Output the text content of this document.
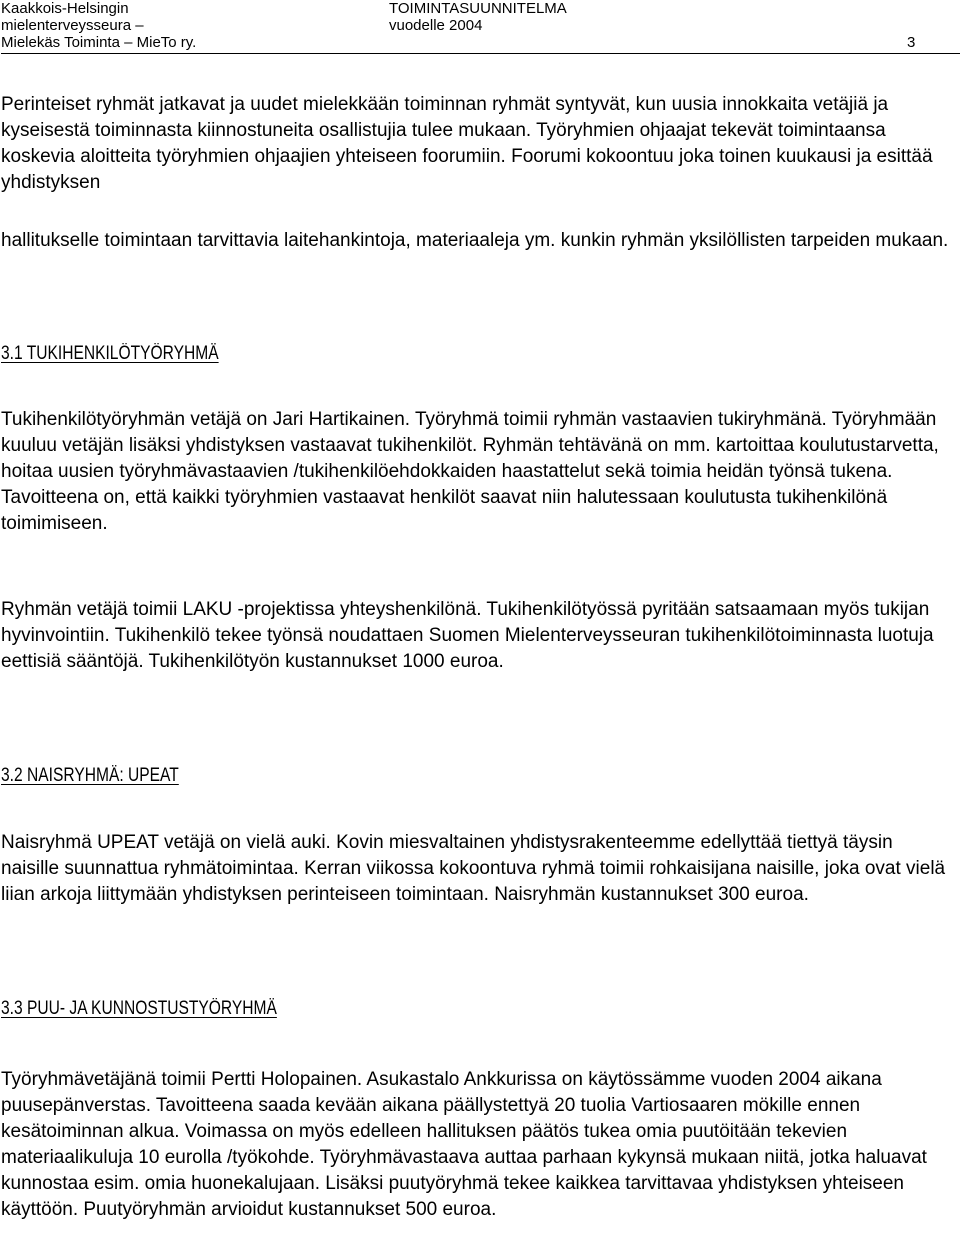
Kaakkois-Helsingin
mielenterveysseura –
Mielekäs Toiminta – MieTo ry.
TOIMINTASUUNNITELMA
vuodelle 2004
3
Perinteiset ryhmät jatkavat ja uudet mielekkään toiminnan ryhmät syntyvät, kun uusia innokkaita vetäjiä ja kyseisestä toiminnasta kiinnostuneita osallistujia tulee mukaan. Työryhmien ohjaajat tekevät toimintaansa koskevia aloitteita työryhmien ohjaajien yhteiseen foorumiin. Foorumi kokoontuu joka toinen kuukausi ja esittää yhdistyksen
hallitukselle toimintaan tarvittavia laitehankintoja, materiaaleja ym. kunkin ryhmän yksilöllisten tarpeiden mukaan.
3.1 TUKIHENKILÖTYÖRYHMÄ
Tukihenkilötyöryhmän vetäjä on Jari Hartikainen. Työryhmä toimii ryhmän vastaavien tukiryhmänä. Työryhmään kuuluu vetäjän lisäksi yhdistyksen vastaavat tukihenkilöt. Ryhmän tehtävänä on mm. kartoittaa koulutustarvetta, hoitaa uusien työryhmävastaavien /tukihenkilöehdokkaiden haastattelut sekä toimia heidän työnsä tukena. Tavoitteena on, että kaikki työryhmien vastaavat henkilöt saavat niin halutessaan koulutusta tukihenkilönä toimimiseen.
Ryhmän vetäjä toimii LAKU -projektissa yhteyshenkilönä. Tukihenkilötyössä pyritään satsaamaan myös tukijan hyvinvointiin. Tukihenkilö tekee työnsä noudattaen Suomen Mielenterveysseuran tukihenkilötoiminnasta luotuja eettisiä sääntöjä. Tukihenkilötyön kustannukset 1000 euroa.
3.2 NAISRYHMÄ: UPEAT
Naisryhmä UPEAT vetäjä on vielä auki. Kovin miesvaltainen yhdistysrakenteemme edellyttää tiettyä täysin naisille suunnattua ryhmätoimintaa. Kerran viikossa kokoontuva ryhmä toimii rohkaisijana naisille, joka ovat vielä liian arkoja liittymään yhdistyksen perinteiseen toimintaan. Naisryhmän kustannukset 300 euroa.
3.3 PUU- JA KUNNOSTUSTYÖRYHMÄ
Työryhmävetäjänä toimii Pertti Holopainen. Asukastalo Ankkurissa on käytössämme vuoden 2004 aikana puusepänverstas. Tavoitteena saada kevään aikana päällystettyä 20 tuolia Vartiosaaren mökille ennen kesätoiminnan alkua. Voimassa on myös edelleen hallituksen päätös tukea omia puutöitään tekevien materiaalikuluja 10 eurolla /työkohde. Työryhmävastaava auttaa parhaan kykynsä mukaan niitä, jotka haluavat kunnostaa esim. omia huonekalujaan. Lisäksi puutyöryhmä tekee kaikkea tarvittavaa yhdistyksen yhteiseen käyttöön. Puutyöryhmän arvioidut kustannukset 500 euroa.
